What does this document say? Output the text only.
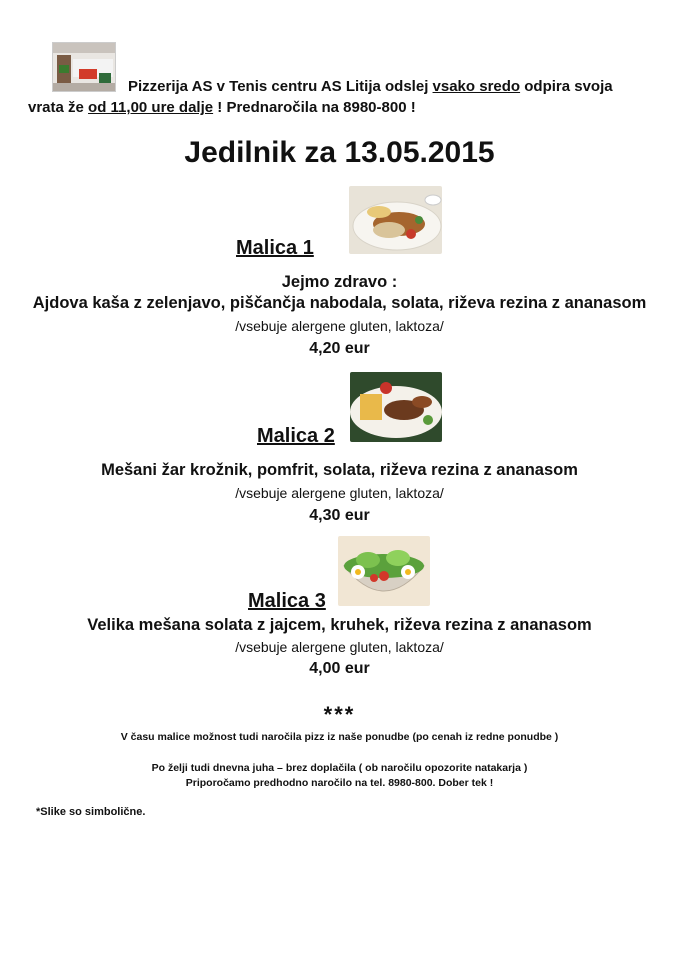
Pizzerija AS v Tenis centru AS Litija odslej vsako sredo odpira svoja
vrata že od 11,00 ure dalje ! Prednaročila na 8980-800 !
Jedilnik za 13.05.2015
Malica 1
Jejmo zdravo :
Ajdova kaša z zelenjavo, piščančja nabodala, solata, riževa rezina z ananasom
/vsebuje alergene gluten, laktoza/
4,20 eur
Malica 2
Mešani žar krožnik, pomfrit, solata, riževa rezina z ananasom
/vsebuje alergene gluten, laktoza/
4,30 eur
Malica 3
Velika mešana solata z jajcem, kruhek, riževa rezina z ananasom
/vsebuje alergene gluten, laktoza/
4,00 eur
***
V času malice možnost tudi naročila pizz iz naše ponudbe (po cenah iz redne ponudbe )
Po želji tudi dnevna juha – brez doplačila ( ob naročilu opozorite natakarja )
Priporočamo predhodno naročilo na tel. 8980-800. Dober tek !
*Slike so simbolične.
